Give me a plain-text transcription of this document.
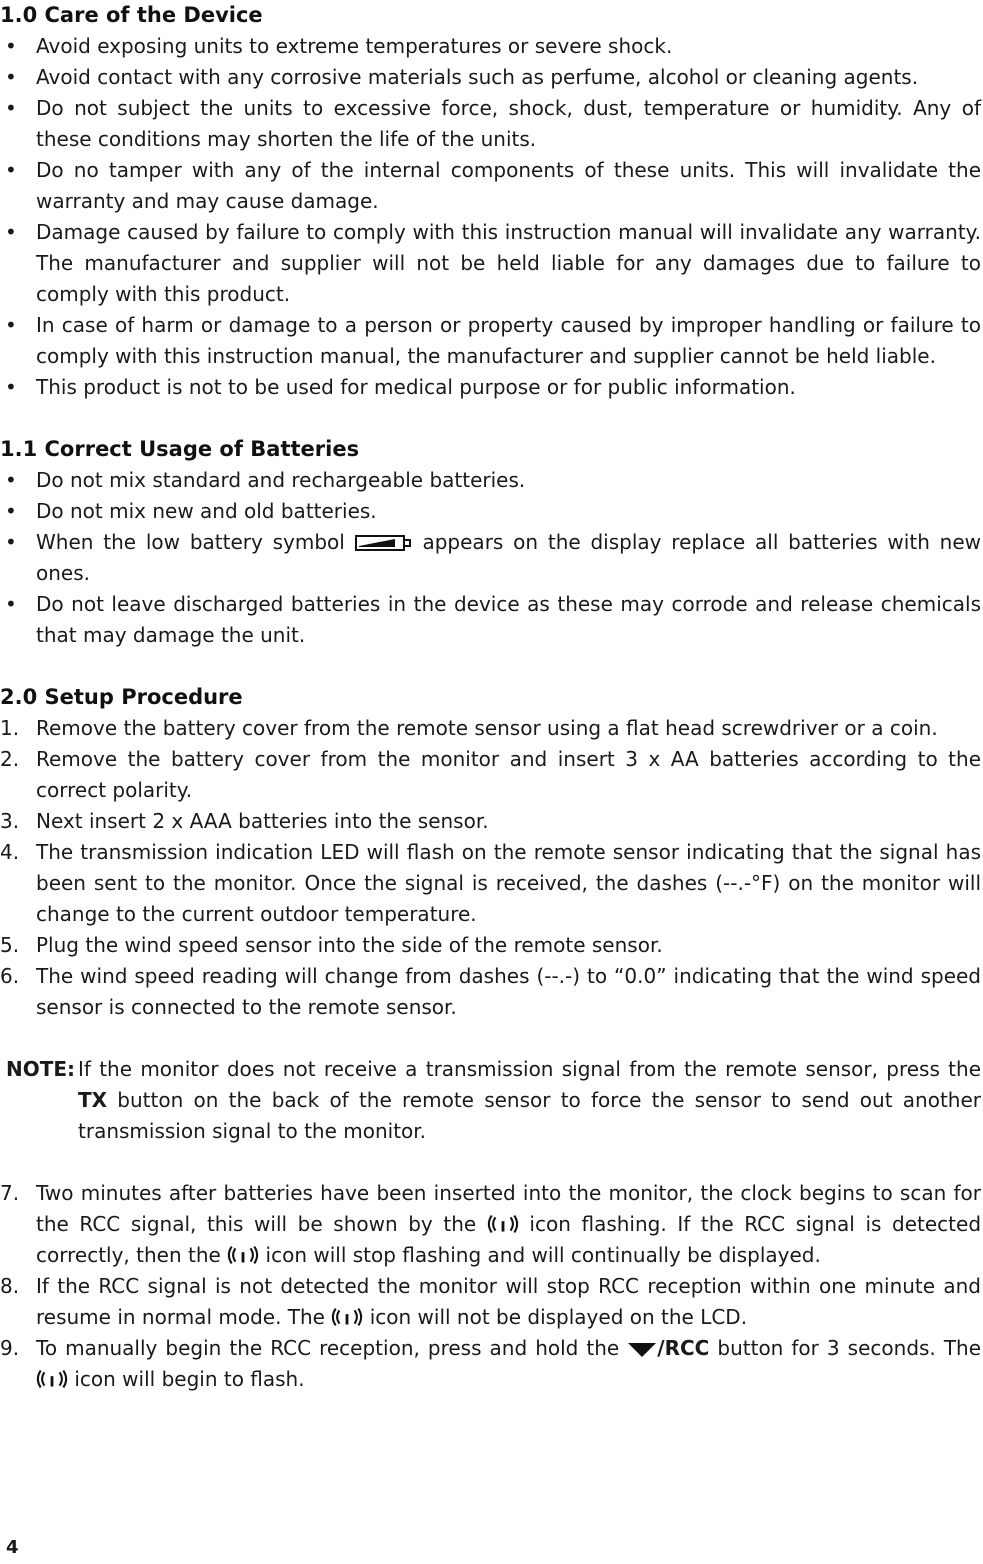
1.0 Care of the Device
• Avoid exposing units to extreme temperatures or severe shock.
• Avoid contact with any corrosive materials such as perfume, alcohol or cleaning agents.
• Do not subject the units to excessive force, shock, dust, temperature or humidity. Any of these conditions may shorten the life of the units.
• Do no tamper with any of the internal components of these units. This will invalidate the warranty and may cause damage.
• Damage caused by failure to comply with this instruction manual will invalidate any warranty. The manufacturer and supplier will not be held liable for any damages due to failure to comply with this product.
• In case of harm or damage to a person or property caused by improper handling or failure to comply with this instruction manual, the manufacturer and supplier cannot be held liable.
• This product is not to be used for medical purpose or for public information.
1.1 Correct Usage of Batteries
• Do not mix standard and rechargeable batteries.
• Do not mix new and old batteries.
• When the low battery symbol	appears on the display replace all batteries with new ones.
• Do not leave discharged batteries in the device as these may corrode and release chemicals that may damage the unit.
2.0 Setup Procedure
1. Remove the battery cover from the remote sensor using a flat head screwdriver or a coin.
2. Remove the battery cover from the monitor and insert 3 x AA batteries according to the correct polarity.
3. Next insert 2 x AAA batteries into the sensor.
4. The transmission indication LED will flash on the remote sensor indicating that the signal has been sent to the monitor. Once the signal is received, the dashes (--.-°F) on the monitor will change to the current outdoor temperature.
5. Plug the wind speed sensor into the side of the remote sensor.
6. The wind speed reading will change from dashes (--.-) to “0.0” indicating that the wind speed sensor is connected to the remote sensor.
NOTE: If the monitor does not receive a transmission signal from the remote sensor, press the TX button on the back of the remote sensor to force the sensor to send out another transmission signal to the monitor.
7. Two minutes after batteries have been inserted into the monitor, the clock begins to scan for the RCC signal, this will be shown by the	icon flashing. If the RCC signal is detected correctly, then the icon will stop flashing and will continually be displayed.
8. If the RCC signal is not detected the monitor will stop RCC reception within one minute and resume in normal mode. The icon will not be displayed on the LCD.
9. To manually begin the RCC reception, press and hold the /RCC button for 3 seconds. The  icon will begin to flash.
4
